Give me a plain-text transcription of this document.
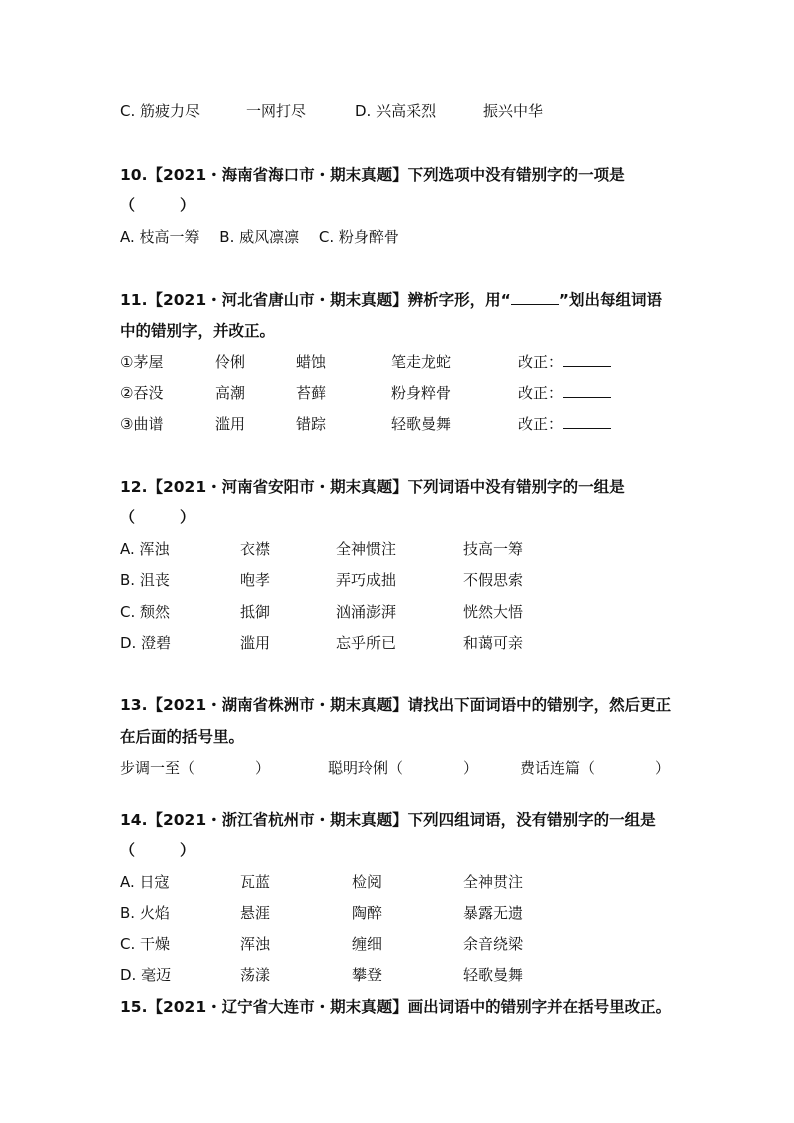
C. 筋疲力尽	一网打尽	D. 兴高采烈	振兴中华
10.【2021・海南省海口市・期末真题】下列选项中没有错别字的一项是
（　　　）
A. 枝高一筹　 B. 威风凛凛　 C. 粉身醉骨
11.【2021・河北省唐山市・期末真题】辨析字形，用“	”划出每组词语
中的错别字，并改正。
①茅屋	伶俐	蜡蚀	笔走龙蛇	改正：
②吞没	高潮	苔藓	粉身粹骨	改正：
③曲谱	滥用	错踪	轻歌曼舞	改正：
12.【2021・河南省安阳市・期末真题】下列词语中没有错别字的一组是
（　　　）
A. 浑浊	衣襟	全神惯注	技高一筹
B. 沮丧	咆孝	弄巧成拙	不假思索
C. 颓然	抵御	汹涌澎湃	恍然大悟
D. 澄碧	滥用	忘乎所已	和蔼可亲
13.【2021・湖南省株洲市・期末真题】请找出下面词语中的错别字，然后更正
在后面的括号里。
步调一至（　　　　）	聪明玲俐（　　　　）	费话连篇（　　　　）
14.【2021・浙江省杭州市・期末真题】下列四组词语，没有错别字的一组是
（　　　）
A. 日寇	瓦蓝	检阅	全神贯注
B. 火焰	悬涯	陶醉	暴露无遗
C. 干燥	浑浊	缠细	余音绕梁
D. 毫迈	荡漾	攀登	轻歌曼舞
15.【2021・辽宁省大连市・期末真题】画出词语中的错别字并在括号里改正。
